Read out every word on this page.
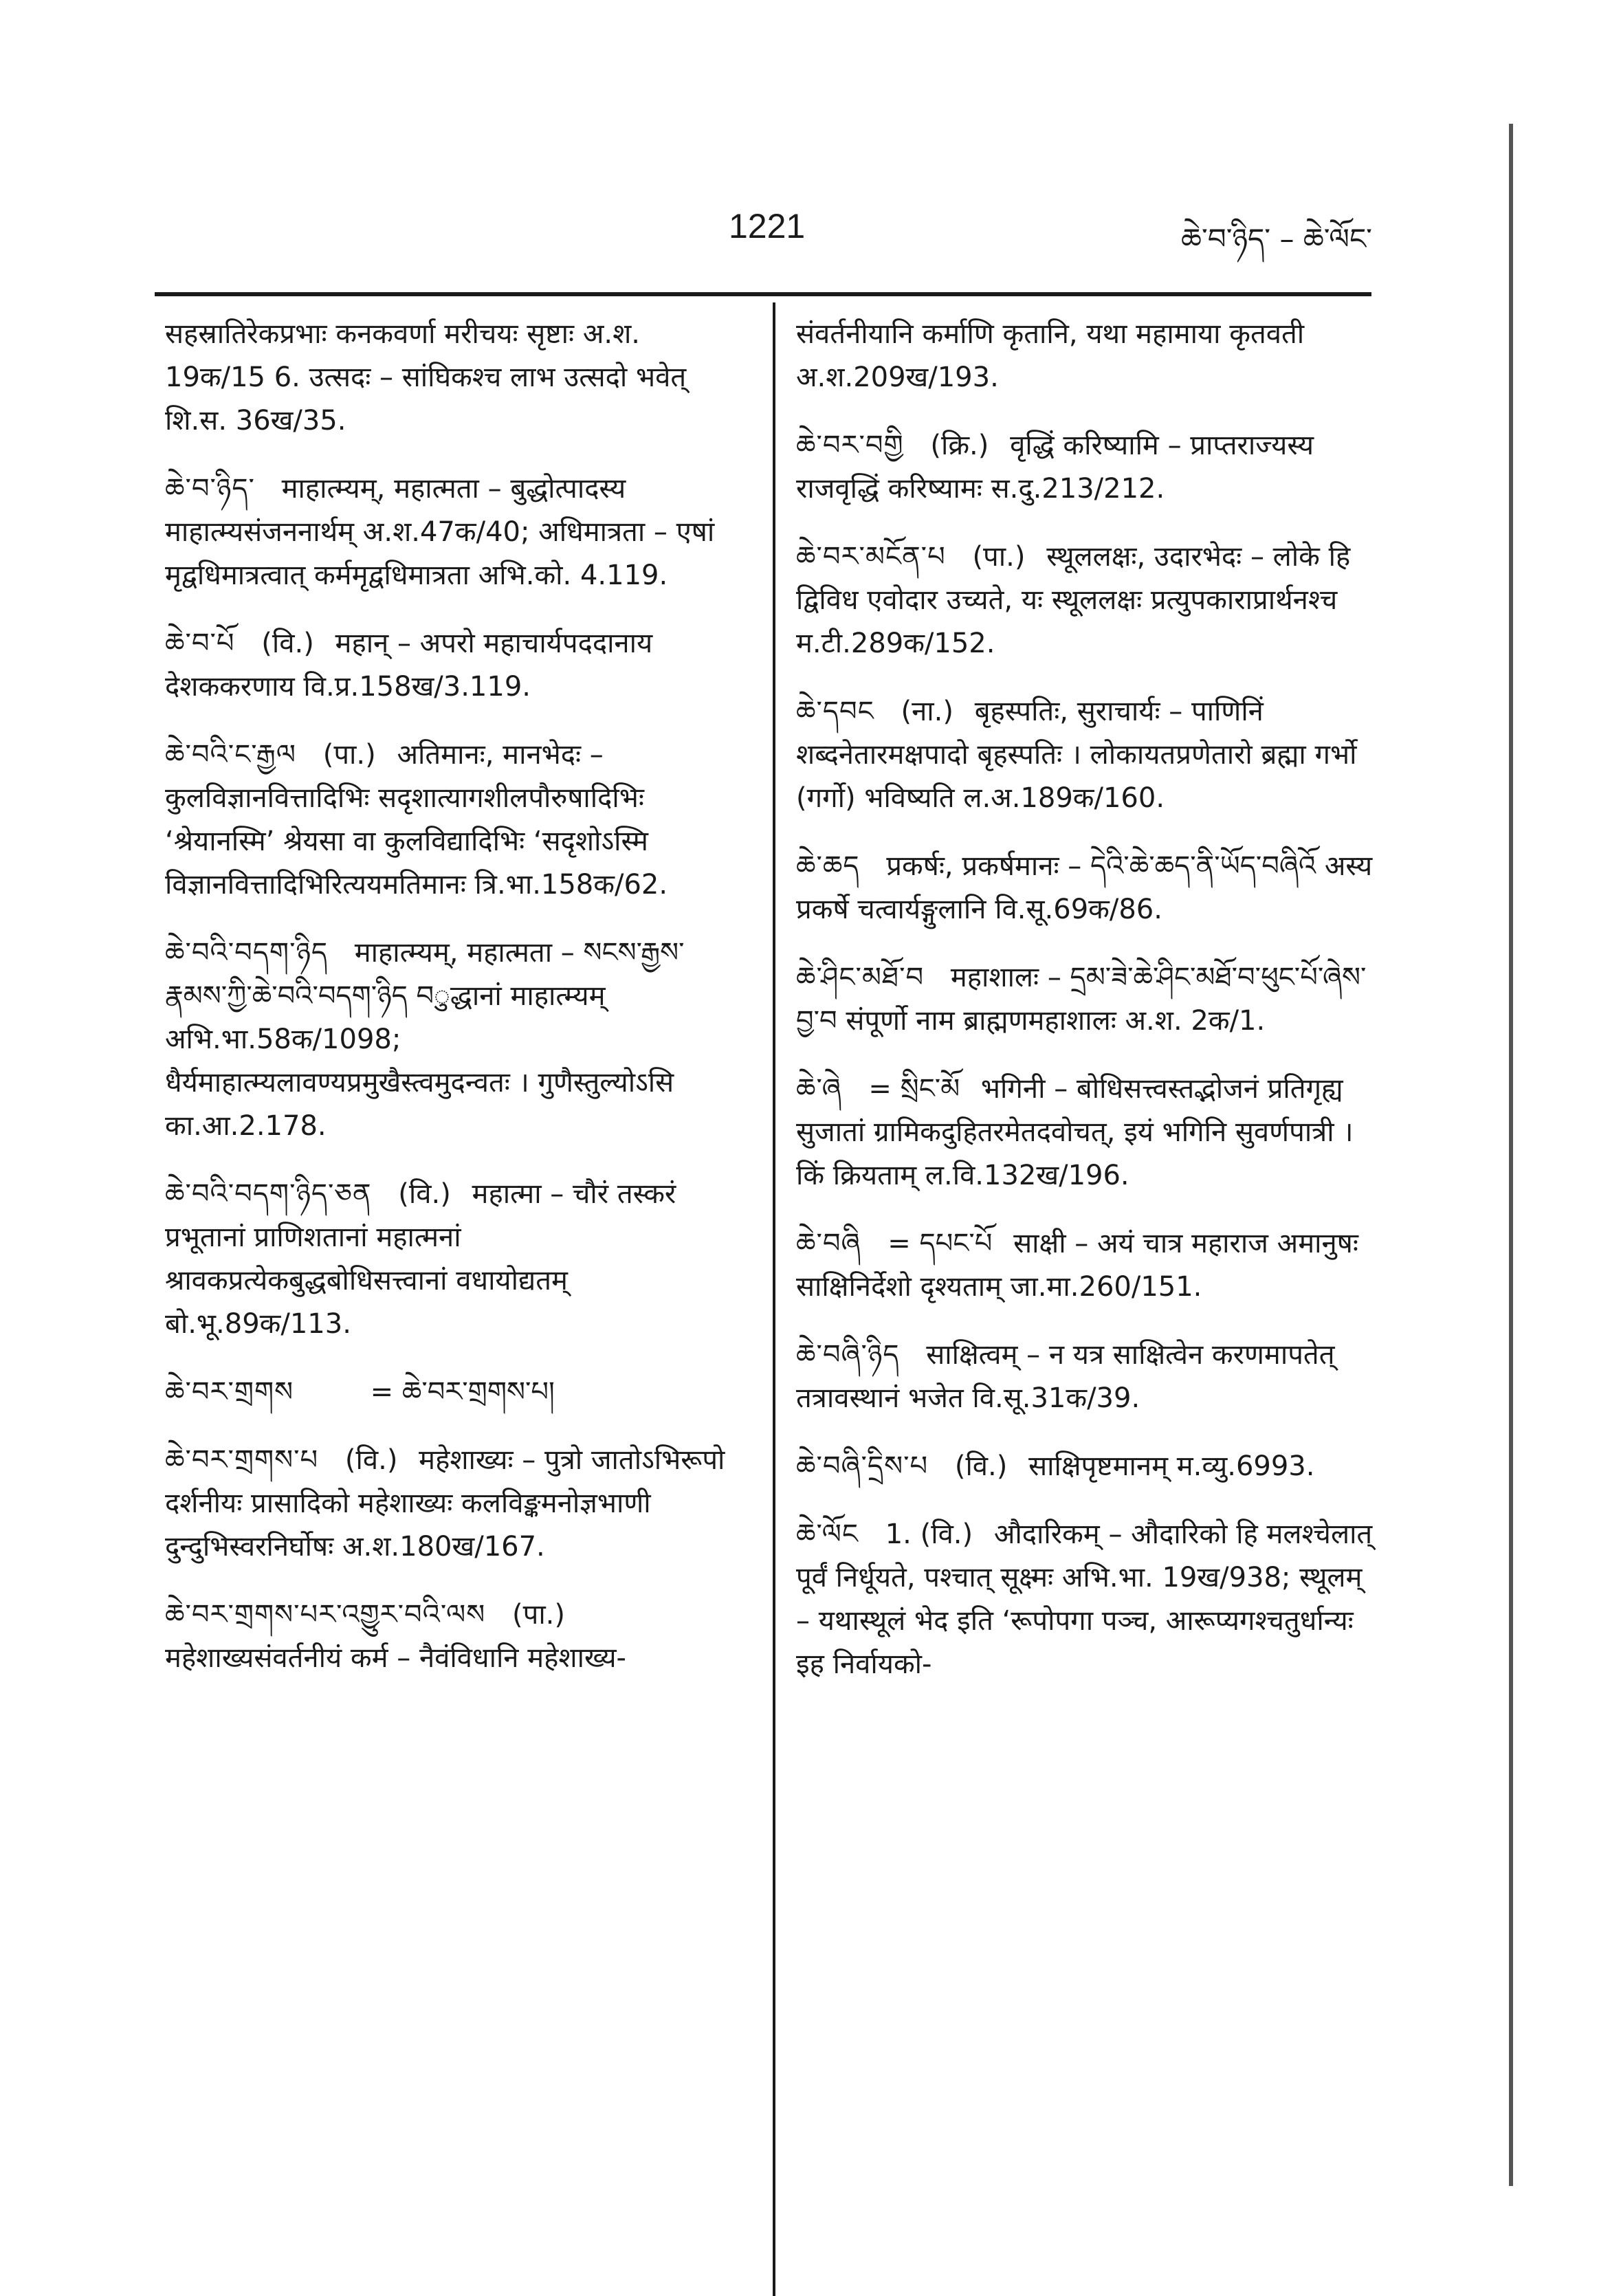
1221	ཆེ་བ་ཉིད་ – ཆེ་ལོང་

सहस्रातिरेकप्रभाः कनकवर्णा मरीचयः सृष्टाः अ.श. 19क/15 6. उत्सदः – सांघिकश्च लाभ उत्सदो भवेत् शि.स. 36ख/35.

ཆེ་བ་ཉིད་ माहात्म्यम्, महात्मता – बुद्धोत्पादस्य माहात्म्यसंजननार्थम् अ.श.47क/40; अधिमात्रता – एषां मृद्वधिमात्रत्वात् कर्ममृद्वधिमात्रता अभि.को. 4.119.

ཆེ་བ་པོ (वि.) महान् – अपरो महाचार्यपददानाय देशककरणाय वि.प्र.158ख/3.119.

ཆེ་བའི་ང་རྒྱལ (पा.) अतिमानः, मानभेदः – कुलविज्ञानवित्तादिभिः सदृशात्यागशीलपौरुषादिभिः ‘श्रेयानस्मि’ श्रेयसा वा कुलविद्यादिभिः ‘सदृशोऽस्मि विज्ञानवित्तादिभिरित्ययमतिमानः त्रि.भा.158क/62.

ཆེ་བའི་བདག་ཉིད माहात्म्यम्, महात्मता – སངས་རྒྱས་རྣམས་ཀྱི་ཆེ་བའི་བདག་ཉིད བुद्धानां माहात्म्यम् अभि.भा.58क/1098; धैर्यमाहात्म्यलावण्यप्रमुखैस्त्वमुदन्वतः । गुणैस्तुल्योऽसि का.आ.2.178.

ཆེ་བའི་བདག་ཉིད་ཅན (वि.) महात्मा – चौरं तस्करं प्रभूतानां प्राणिशतानां महात्मनां श्रावकप्रत्येकबुद्धबोधिसत्त्वानां वधायोद्यतम् बो.भू.89क/113.

ཆེ་བར་གྲགས	= ཆེ་བར་གྲགས་པ།

ཆེ་བར་གྲགས་པ (वि.) महेशाख्यः – पुत्रो जातोऽभिरूपो दर्शनीयः प्रासादिको महेशाख्यः कलविङ्कमनोज्ञभाणी दुन्दुभिस्वरनिर्घोषः अ.श.180ख/167.

ཆེ་བར་གྲགས་པར་འགྱུར་བའི་ལས (पा.) महेशाख्यसंवर्तनीयं कर्म – नैवंविधानि महेशाख्य-

संवर्तनीयानि कर्माणि कृतानि, यथा महामाया कृतवती अ.श.209ख/193.

ཆེ་བར་བགྱི (क्रि.) वृद्धिं करिष्यामि – प्राप्तराज्यस्य राजवृद्धिं करिष्यामः स.दु.213/212.

ཆེ་བར་མངོན་པ (पा.) स्थूललक्षः, उदारभेदः – लोके हि द्विविध एवोदार उच्यते, यः स्थूललक्षः प्रत्युपकाराप्रार्थनश्च म.टी.289क/152.

ཆེ་དབང (ना.) बृहस्पतिः, सुराचार्यः – पाणिनिं शब्दनेतारमक्षपादो बृहस्पतिः । लोकायतप्रणेतारो ब्रह्मा गर्भो (गर्गो) भविष्यति ल.अ.189क/160.

ཆེ་ཆད प्रकर्षः, प्रकर्षमानः – དེའི་ཆེ་ཆད་ནི་ཡོད་བཞིའོ अस्य प्रकर्षे चत्वार्यङ्गुलानि वि.सू.69क/86.

ཆེ་ཤིང་མཐོ་བ महाशालः – དྲམ་ཟེ་ཆེ་ཤིང་མཐོ་བ་ཕུང་པོ་ཞེས་བྱ་བ संपूर्णो नाम ब्राह्मणमहाशालः अ.श. 2क/1.

ཆེ་ཞེ = སྲིང་མོ भगिनी – बोधिसत्त्वस्तद्भोजनं प्रतिगृह्य सुजातां ग्रामिकदुहितरमेतदवोचत्, इयं भगिनि सुवर्णपात्री । किं क्रियताम् ल.वि.132ख/196.

ཆེ་བཞི = དཔང་པོ साक्षी – अयं चात्र महाराज अमानुषः साक्षिनिर्देशो दृश्यताम् जा.मा.260/151.

ཆེ་བཞི་ཉིད साक्षित्वम् – न यत्र साक्षित्वेन करणमापतेत् तत्रावस्थानं भजेत वि.सू.31क/39.

ཆེ་བཞི་དྲིས་པ (वि.) साक्षिपृष्टमानम् म.व्यु.6993.

ཆེ་ལོང 1. (वि.) औदारिकम् – औदारिको हि मलश्चेलात् पूर्वं निर्धूयते, पश्चात् सूक्ष्मः अभि.भा. 19ख/938; स्थूलम् – यथास्थूलं भेद इति ‘रूपोपगा पञ्च, आरूप्यगश्चतुर्धान्यः इह निर्वायको-
